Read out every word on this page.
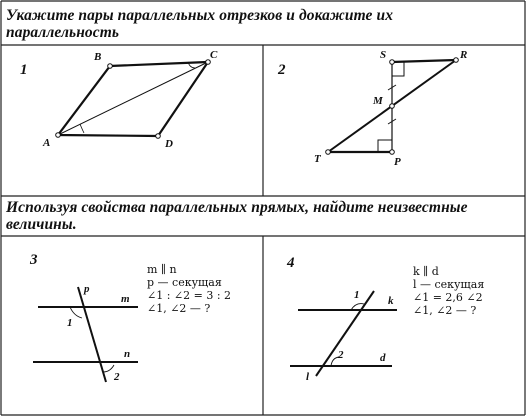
A
B	C
D
S	R
M
T	P
p
m
n
1
2
1	k
2	d
l
Укажите пары параллельных отрезков и докажите их
параллельность
Используя свойства параллельных прямых, найдите неизвестные
величины.
1	2
3	4
m ∥ n
p — секущая
∠1 : ∠2 = 3 : 2
∠1, ∠2 — ?
k ∥ d
l — секущая
∠1 = 2,6 ∠2
∠1, ∠2 — ?
